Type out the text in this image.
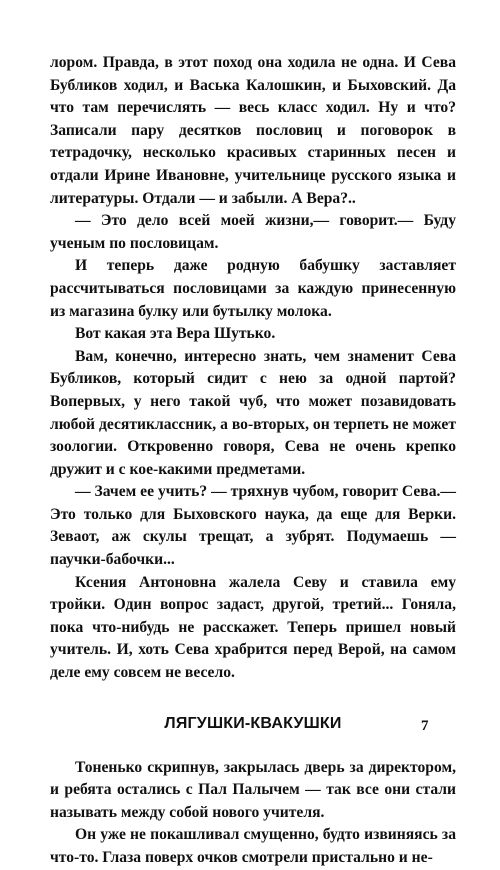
лором. Правда, в этот поход она ходила не одна. И Сева Бубликов ходил, и Васька Калошкин, и Быховский. Да что там перечислять — весь класс ходил. Ну и что? Записали пару десятков пословиц и поговорок в тетрадочку, несколько красивых старинных песен и отдали Ирине Ивановне, учительнице русского языка и литературы. Отдали — и забыли. А Вера?..

— Это дело всей моей жизни,— говорит.— Буду ученым по пословицам.

И теперь даже родную бабушку заставляет рассчитываться пословицами за каждую принесенную из магазина булку или бутылку молока.

Вот какая эта Вера Шутько.

Вам, конечно, интересно знать, чем знаменит Сева Бубликов, который сидит с нею за одной партой? Вопервых, у него такой чуб, что может позавидовать любой десятиклассник, а во-вторых, он терпеть не может зоологии. Откровенно говоря, Сева не очень крепко дружит и с кое-какими предметами.

— Зачем ее учить? — тряхнув чубом, говорит Сева.— Это только для Быховского наука, да еще для Верки. Зеваот, аж скулы трещат, а зубрят. Подумаешь — паучки-бабочки...

Ксения Антоновна жалела Севу и ставила ему тройки. Один вопрос задаст, другой, третий... Гоняла, пока что-нибудь не расскажет. Теперь пришел новый учитель. И, хоть Сева храбрится перед Верой, на самом деле ему совсем не весело.

ЛЯГУШКИ-КВАКУШКИ

Тоненько скрипнув, закрылась дверь за директором, и ребята остались с Пал Палычем — так все они стали называть между собой нового учителя.

Он уже не покашливал смущенно, будто извиняясь за что-то. Глаза поверх очков смотрели пристально и не-

7
